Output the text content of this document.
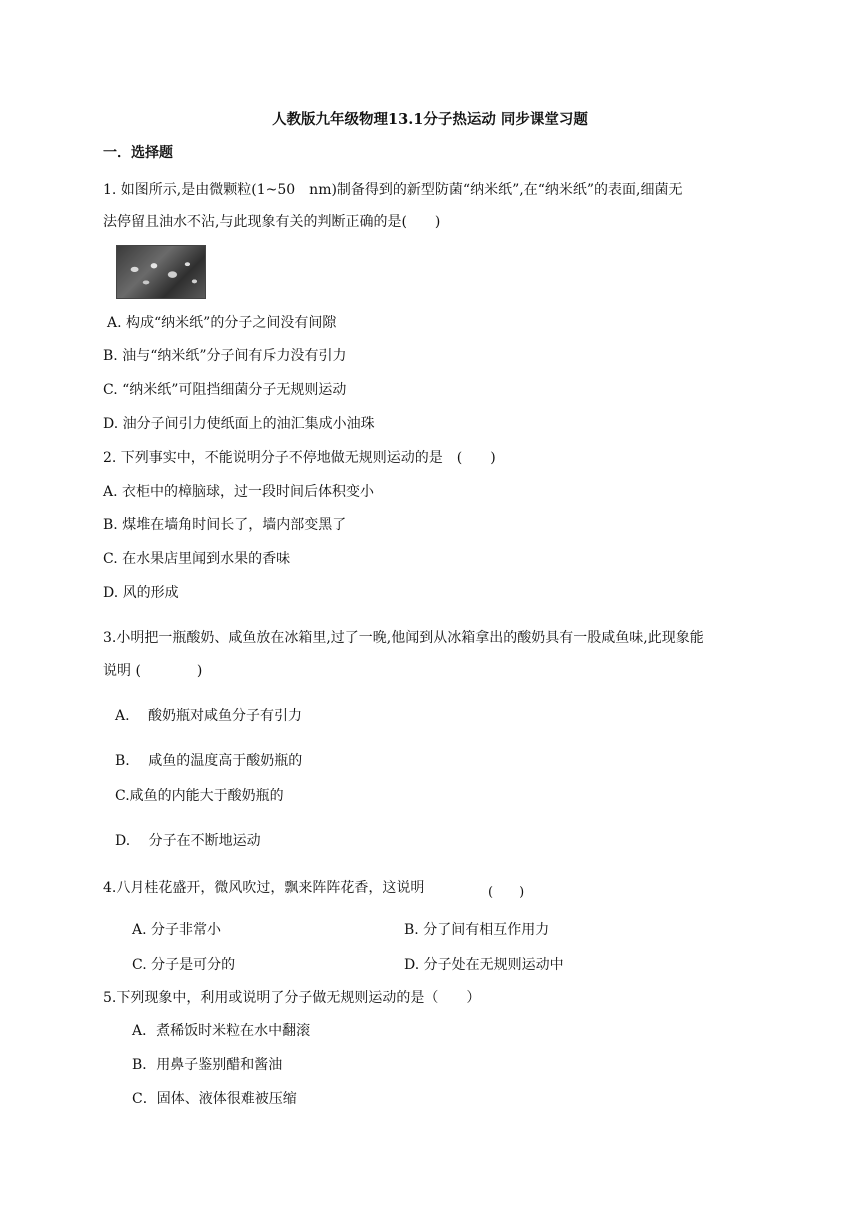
人教版九年级物理13.1分子热运动 同步课堂习题
一．选择题
1. 如图所示,是由微颗粒(1~50　nm)制备得到的新型防菌“纳米纸”,在“纳米纸”的表面,细菌无
法停留且油水不沾,与此现象有关的判断正确的是(　　)
A. 构成“纳米纸”的分子之间没有间隙
B. 油与“纳米纸”分子间有斥力没有引力
C. “纳米纸”可阻挡细菌分子无规则运动
D. 油分子间引力使纸面上的油汇集成小油珠
2. 下列事实中，不能说明分子不停地做无规则运动的是　(　　)
A. 衣柜中的樟脑球，过一段时间后体积变小
B. 煤堆在墙角时间长了，墙内部变黑了
C. 在水果店里闻到水果的香味
D. 风的形成
3.小明把一瓶酸奶、咸鱼放在冰箱里,过了一晚,他闻到从冰箱拿出的酸奶具有一股咸鱼味,此现象能
说明 (　　　　)
A.　 酸奶瓶对咸鱼分子有引力
B.　 咸鱼的温度高于酸奶瓶的
C.咸鱼的内能大于酸奶瓶的
D.　 分子在不断地运动
4.八月桂花盛开，微风吹过，飘来阵阵花香，这说明	(　　)
A. 分子非常小	B. 分了间有相互作用力
C. 分子是可分的	D. 分子处在无规则运动中
5.下列现象中，利用或说明了分子做无规则运动的是（　　）
A．煮稀饭时米粒在水中翻滚
B．用鼻子鉴别醋和酱油
C．固体、液体很难被压缩
